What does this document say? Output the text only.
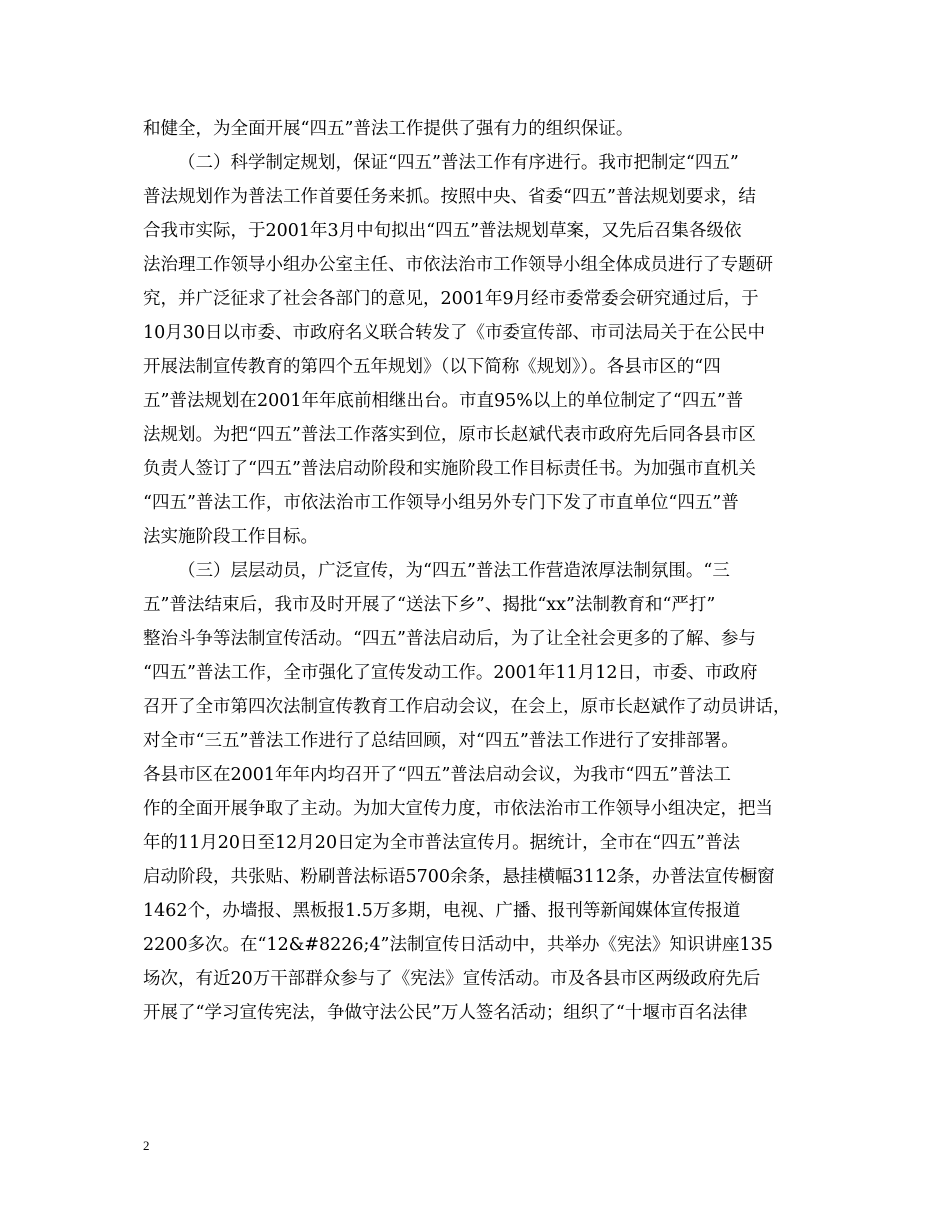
和健全，为全面开展“四五”普法工作提供了强有力的组织保证。
（二）科学制定规划，保证“四五”普法工作有序进行。我市把制定“四五”
普法规划作为普法工作首要任务来抓。按照中央、省委“四五”普法规划要求，结
合我市实际，于2001年3月中旬拟出“四五”普法规划草案，又先后召集各级依
法治理工作领导小组办公室主任、市依法治市工作领导小组全体成员进行了专题研
究，并广泛征求了社会各部门的意见，2001年9月经市委常委会研究通过后，于
10月30日以市委、市政府名义联合转发了《市委宣传部、市司法局关于在公民中
开展法制宣传教育的第四个五年规划》（以下简称《规划》）。各县市区的“四
五”普法规划在2001年年底前相继出台。市直95%以上的单位制定了“四五”普
法规划。为把“四五”普法工作落实到位，原市长赵斌代表市政府先后同各县市区
负责人签订了“四五”普法启动阶段和实施阶段工作目标责任书。为加强市直机关
“四五”普法工作，市依法治市工作领导小组另外专门下发了市直单位“四五”普
法实施阶段工作目标。
（三）层层动员，广泛宣传，为“四五”普法工作营造浓厚法制氛围。“三
五”普法结束后，我市及时开展了“送法下乡”、揭批“xx”法制教育和“严打”
整治斗争等法制宣传活动。“四五”普法启动后，为了让全社会更多的了解、参与
“四五”普法工作，全市强化了宣传发动工作。2001年11月12日，市委、市政府
召开了全市第四次法制宣传教育工作启动会议，在会上，原市长赵斌作了动员讲话，
对全市“三五”普法工作进行了总结回顾，对“四五”普法工作进行了安排部署。
各县市区在2001年年内均召开了“四五”普法启动会议，为我市“四五”普法工
作的全面开展争取了主动。为加大宣传力度，市依法治市工作领导小组决定，把当
年的11月20日至12月20日定为全市普法宣传月。据统计，全市在“四五”普法
启动阶段，共张贴、粉刷普法标语5700余条，悬挂横幅3112条，办普法宣传橱窗
1462个，办墙报、黑板报1.5万多期，电视、广播、报刊等新闻媒体宣传报道
2200多次。在“12&#8226;4”法制宣传日活动中，共举办《宪法》知识讲座135
场次，有近20万干部群众参与了《宪法》宣传活动。市及各县市区两级政府先后
开展了“学习宣传宪法，争做守法公民”万人签名活动；组织了“十堰市百名法律
2
